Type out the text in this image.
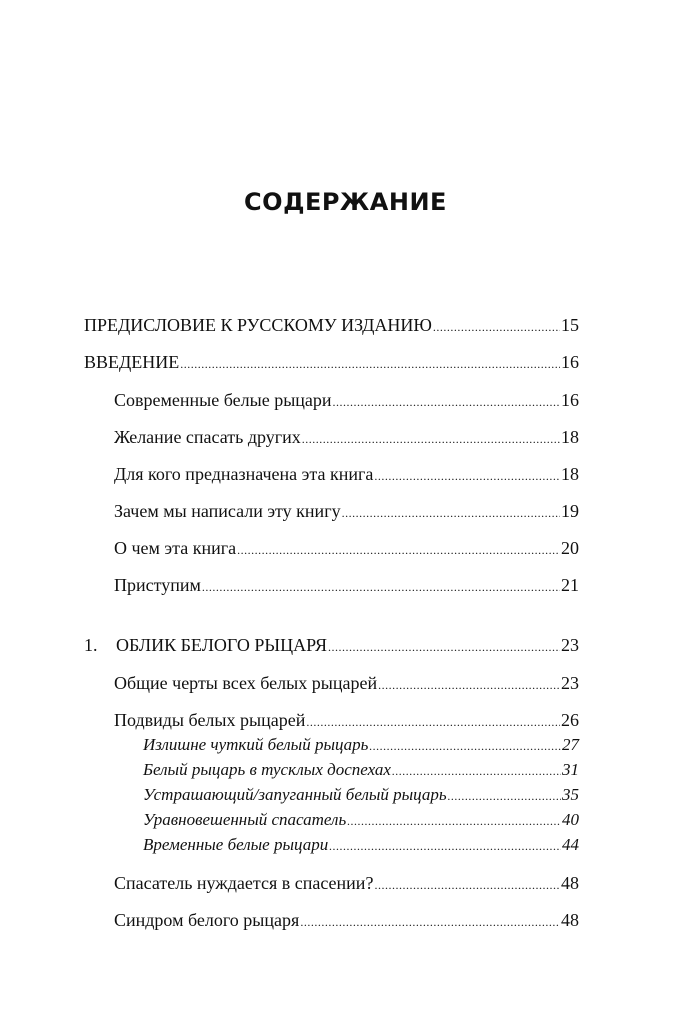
СОДЕРЖАНИЕ
ПРЕДИСЛОВИЕ К РУССКОМУ ИЗДАНИЮ .....	15
ВВЕДЕНИЕ .....	16
Современные белые рыцари .....	16
Желание спасать других .....	18
Для кого предназначена эта книга .....	18
Зачем мы написали эту книгу .....	19
О чем эта книга .....	20
Приступим .....	21
1.	ОБЛИК БЕЛОГО РЫЦАРЯ .....	23
Общие черты всех белых рыцарей .....	23
Подвиды белых рыцарей .....	26
Излишне чуткий белый рыцарь .....	27
Белый рыцарь в тусклых доспехах .....	31
Устрашающий/запуганный белый рыцарь .....	35
Уравновешенный спасатель .....	40
Временные белые рыцари .....	44
Спасатель нуждается в спасении? .....	48
Синдром белого рыцаря .....	48
